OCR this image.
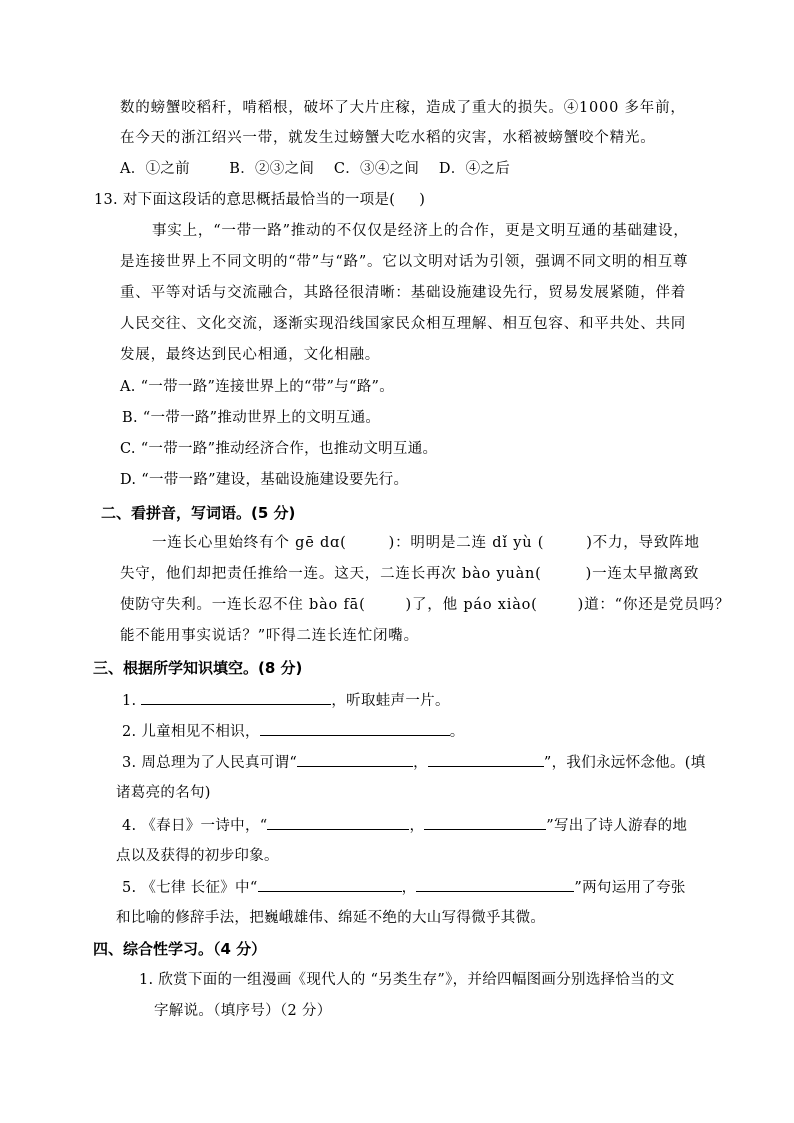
数的螃蟹咬稻秆，啃稻根，破坏了大片庄稼，造成了重大的损失。④1000 多年前，
在今天的浙江绍兴一带，就发生过螃蟹大吃水稻的灾害，水稻被螃蟹咬个精光。
A．①之前        B．②③之间    C．③④之间    D．④之后
13. 对下面这段话的意思概括最恰当的一项是( )
事实上，“一带一路”推动的不仅仅是经济上的合作，更是文明互通的基础建设，
是连接世界上不同文明的“带”与“路”。它以文明对话为引领，强调不同文明的相互尊
重、平等对话与交流融合，其路径很清晰：基础设施建设先行，贸易发展紧随，伴着
人民交往、文化交流，逐渐实现沿线国家民众相互理解、相互包容、和平共处、共同
发展，最终达到民心相通，文化相融。
A. “一带一路”连接世界上的“带”与“路”。
B. “一带一路”推动世界上的文明互通。
C. “一带一路”推动经济合作，也推动文明互通。
D. “一带一路”建设，基础设施建设要先行。
二、看拼音，写词语。(5 分)
一连长心里始终有个 gē dɑ(	)：明明是二连 dǐ yù (	)不力，导致阵地
失守，他们却把责任推给一连。这天，二连长再次 bào yuàn(	)一连太早撤离致
使防守失利。一连长忍不住 bào fā(	)了，他 páo xiào(	)道：“你还是党员吗？
能不能用事实说话？”吓得二连长连忙闭嘴。
三、根据所学知识填空。(8 分)
1.	，听取蛙声一片。
2. 儿童相见不相识，	。
3. 周总理为了人民真可谓“	，	”，我们永远怀念他。(填
诸葛亮的名句)
4. 《春日》一诗中，“	，	”写出了诗人游春的地
点以及获得的初步印象。
5. 《七律 长征》中“	，	”两句运用了夸张
和比喻的修辞手法，把巍峨雄伟、绵延不绝的大山写得微乎其微。
四、综合性学习。（4 分）
1. 欣赏下面的一组漫画《现代人的 “另类生存”》，并给四幅图画分别选择恰当的文
字解说。（填序号）（2 分）
